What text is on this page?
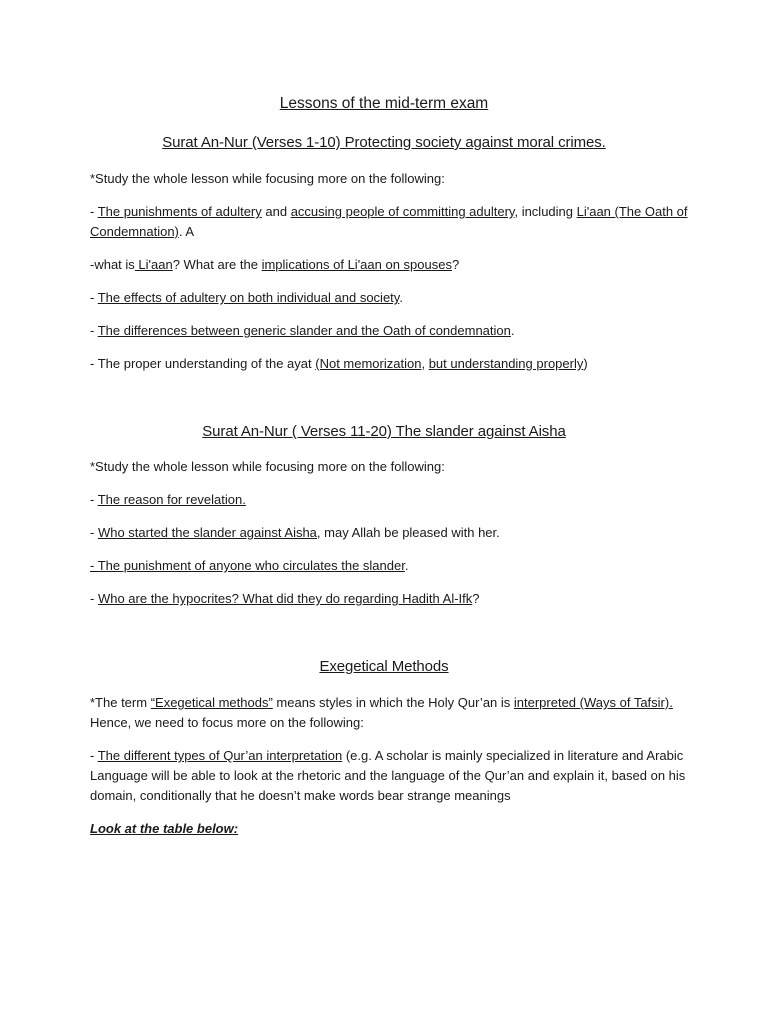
Lessons of the mid-term exam
Surat An-Nur (Verses 1-10) Protecting society against moral crimes.
*Study the whole lesson while focusing more on the following:
- The punishments of adultery and accusing people of committing adultery, including Li'aan (The Oath of
Condemnation). A
-what is Li'aan? What are the implications of Li'aan on spouses?
- The effects of adultery on both individual and society.
- The differences between generic slander and the Oath of condemnation.
- The proper understanding of the ayat (Not memorization, but understanding properly)
Surat An-Nur ( Verses 11-20) The slander against Aisha
*Study the whole lesson while focusing more on the following:
- The reason for revelation.
- Who started the slander against Aisha, may Allah be pleased with her.
- The punishment of anyone who circulates the slander.
- Who are the hypocrites? What did they do regarding Hadith Al-Ifk?
Exegetical Methods
*The term “Exegetical methods” means styles in which the Holy Qur’an is interpreted (Ways of Tafsir).
Hence, we need to focus more on the following:
- The different types of Qur’an interpretation (e.g. A scholar is mainly specialized in literature and Arabic
Language will be able to look at the rhetoric and the language of the Qur’an and explain it, based on his
domain, conditionally that he doesn’t make words bear strange meanings
Look at the table below:
